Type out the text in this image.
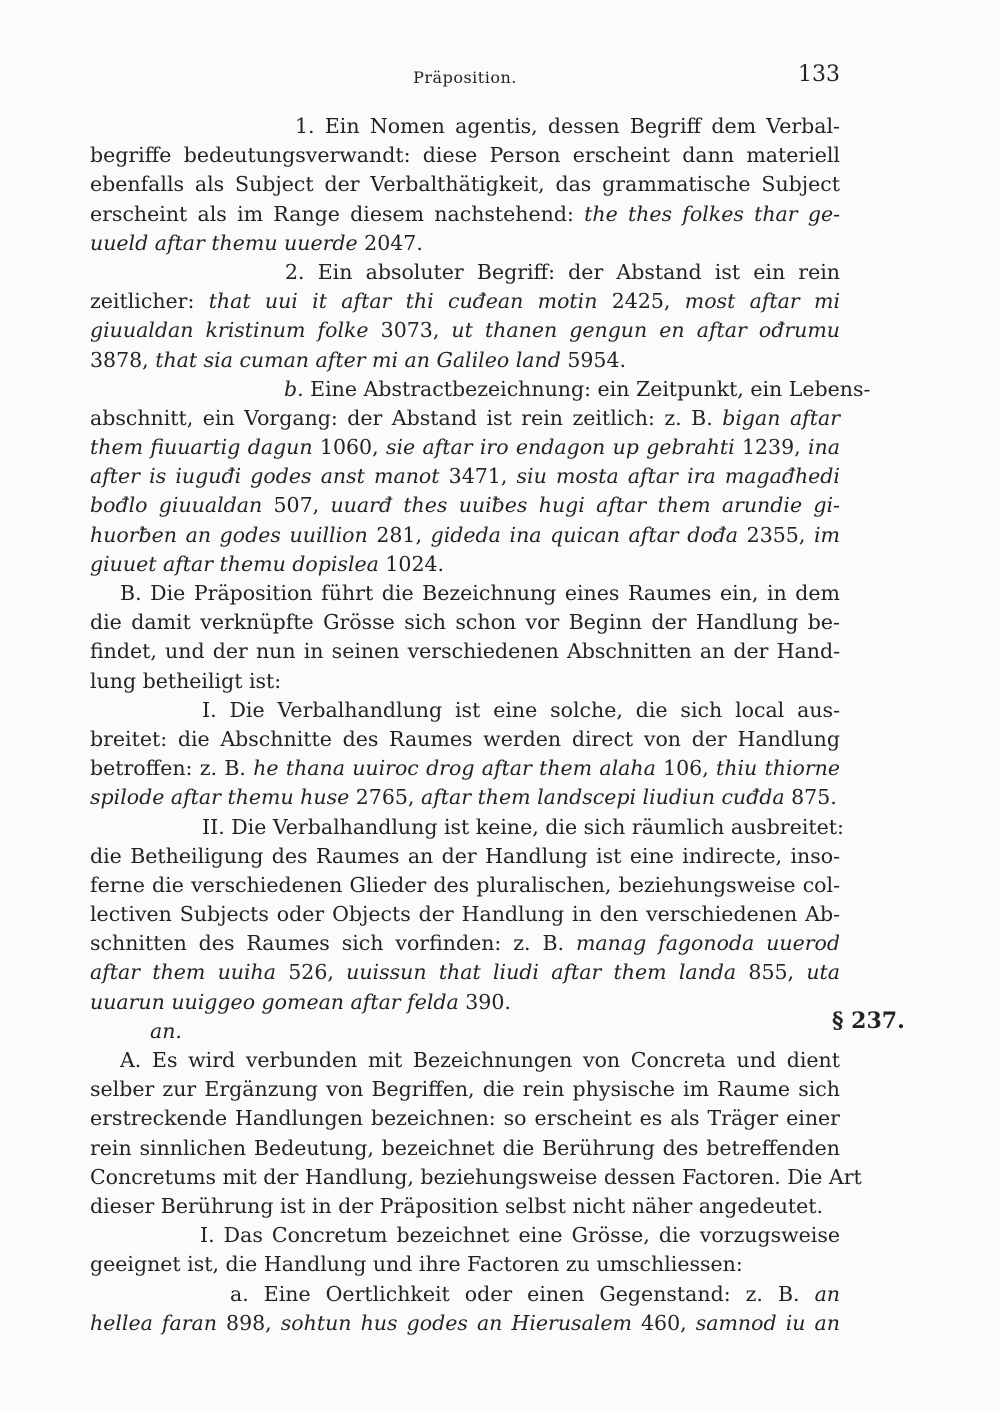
Präposition.	133
1. Ein Nomen agentis, dessen Begriff dem Verbal-
begriffe bedeutungsverwandt: diese Person erscheint dann materiell
ebenfalls als Subject der Verbalthätigkeit, das grammatische Subject
erscheint als im Range diesem nachstehend: the thes folkes thar ge-
uueld aftar themu uuerde 2047.
2. Ein absoluter Begriff: der Abstand ist ein rein
zeitlicher: that uui it aftar thi cuđean motin 2425, most aftar mi
giuualdan kristinum folke 3073, ut thanen gengun en aftar ođrumu
3878, that sia cuman after mi an Galileo land 5954.
b. Eine Abstractbezeichnung: ein Zeitpunkt, ein Lebens-
abschnitt, ein Vorgang: der Abstand ist rein zeitlich: z. B. bigan aftar
them fiuuartig dagun 1060, sie aftar iro endagon up gebrahti 1239, ina
after is iuguđi godes anst manot 3471, siu mosta aftar ira magađhedi
bođlo giuualdan 507, uuarđ thes uuiƀes hugi aftar them arundie gi-
huorƀen an godes uuillion 281, gideda ina quican aftar dođa 2355, im
giuuet aftar themu dopislea 1024.
B. Die Präposition führt die Bezeichnung eines Raumes ein, in dem
die damit verknüpfte Grösse sich schon vor Beginn der Handlung be-
findet, und der nun in seinen verschiedenen Abschnitten an der Hand-
lung betheiligt ist:
I. Die Verbalhandlung ist eine solche, die sich local aus-
breitet: die Abschnitte des Raumes werden direct von der Handlung
betroffen: z. B. he thana uuiroc drog aftar them alaha 106, thiu thiorne
spilode aftar themu huse 2765, aftar them landscepi liudiun cuđda 875.
II. Die Verbalhandlung ist keine, die sich räumlich ausbreitet:
die Betheiligung des Raumes an der Handlung ist eine indirecte, inso-
ferne die verschiedenen Glieder des pluralischen, beziehungsweise col-
lectiven Subjects oder Objects der Handlung in den verschiedenen Ab-
schnitten des Raumes sich vorfinden: z. B. manag fagonoda uuerod
aftar them uuiha 526, uuissun that liudi aftar them landa 855, uta
uuarun uuiggeo gomean aftar felda 390.
an.
A. Es wird verbunden mit Bezeichnungen von Concreta und dient
selber zur Ergänzung von Begriffen, die rein physische im Raume sich
erstreckende Handlungen bezeichnen: so erscheint es als Träger einer
rein sinnlichen Bedeutung, bezeichnet die Berührung des betreffenden
Concretums mit der Handlung, beziehungsweise dessen Factoren. Die Art
dieser Berührung ist in der Präposition selbst nicht näher angedeutet.
I. Das Concretum bezeichnet eine Grösse, die vorzugsweise
geeignet ist, die Handlung und ihre Factoren zu umschliessen:
a. Eine Oertlichkeit oder einen Gegenstand: z. B. an
hellea faran 898, sohtun hus godes an Hierusalem 460, samnod iu an
§ 237.
